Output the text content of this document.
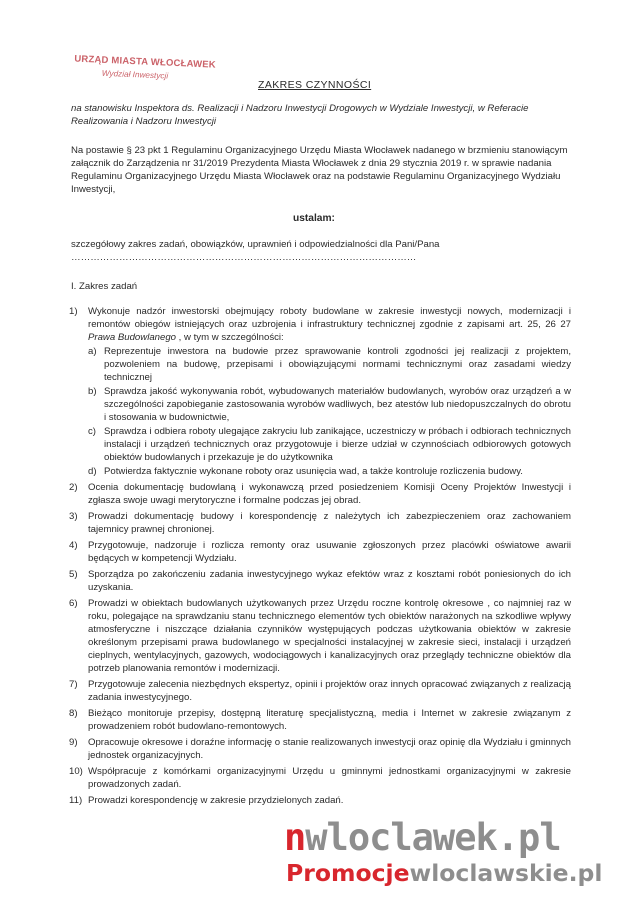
URZĄD MIASTA WŁOCŁAWEK
Wydział Inwestycji
ZAKRES CZYNNOŚCI
na stanowisku Inspektora ds. Realizacji i Nadzoru Inwestycji Drogowych w Wydziale Inwestycji, w Referacie Realizowania i Nadzoru Inwestycji
Na postawie § 23 pkt 1 Regulaminu Organizacyjnego Urzędu Miasta Włocławek nadanego w brzmieniu stanowiącym załącznik do Zarządzenia nr 31/2019 Prezydenta Miasta Włocławek z dnia 29 stycznia 2019 r. w sprawie nadania Regulaminu Organizacyjnego Urzędu Miasta Włocławek oraz na podstawie Regulaminu Organizacyjnego Wydziału Inwestycji,
ustalam:
szczegółowy zakres zadań, obowiązków, uprawnień i odpowiedzialności dla Pani/Pana ………………………………………………………………………………………………
I. Zakres zadań
1)	Wykonuje nadzór inwestorski obejmujący roboty budowlane w zakresie inwestycji nowych, modernizacji i remontów obiegów istniejących oraz uzbrojenia i infrastruktury technicznej zgodnie z zapisami art. 25, 26 27 Prawa Budowlanego , w tym w szczególności:
a) Reprezentuje inwestora na budowie przez sprawowanie kontroli zgodności jej realizacji z projektem, pozwoleniem na budowę, przepisami i obowiązującymi normami technicznymi oraz zasadami wiedzy technicznej
b) Sprawdza jakość wykonywania robót, wybudowanych materiałów budowlanych, wyrobów oraz urządzeń a w szczególności zapobieganie zastosowania wyrobów wadliwych, bez atestów lub niedopuszczalnych do obrotu i stosowania w budownictwie,
c) Sprawdza i odbiera roboty ulegające zakryciu lub zanikające, uczestniczy w próbach i odbiorach technicznych instalacji i urządzeń technicznych oraz przygotowuje i bierze udział w czynnościach odbiorowych gotowych obiektów budowlanych i przekazuje je do użytkownika
d) Potwierdza faktycznie wykonane roboty oraz usunięcia wad, a także kontroluje rozliczenia budowy.
2)	Ocenia dokumentację budowlaną i wykonawczą przed posiedzeniem Komisji Oceny Projektów Inwestycji i zgłasza swoje uwagi merytoryczne i formalne podczas jej obrad.
3)	Prowadzi dokumentację budowy i korespondencję z należytych ich zabezpieczeniem oraz zachowaniem tajemnicy prawnej chronionej.
4)	Przygotowuje, nadzoruje i rozlicza remonty oraz usuwanie zgłoszonych przez placówki oświatowe awarii będących w kompetencji Wydziału.
5)	Sporządza po zakończeniu zadania inwestycyjnego wykaz efektów wraz z kosztami robót poniesionych do ich uzyskania.
6)	Prowadzi w obiektach budowlanych użytkowanych przez Urzędu roczne kontrolę okresowe , co najmniej raz w roku, polegające na sprawdzaniu stanu technicznego elementów tych obiektów narażonych na szkodliwe wpływy atmosferyczne i niszczące działania czynników występujących podczas użytkowania obiektów w zakresie określonym przepisami prawa budowlanego w specjalności instalacyjnej w zakresie sieci, instalacji i urządzeń cieplnych, wentylacyjnych, gazowych, wodociągowych i kanalizacyjnych oraz przeglądy techniczne obiektów dla potrzeb planowania remontów i modernizacji.
7)	Przygotowuje zalecenia niezbędnych ekspertyz, opinii i projektów oraz innych opracować związanych z realizacją zadania inwestycyjnego.
8)	Bieżąco monitoruje przepisy, dostępną literaturę specjalistyczną, media i Internet w zakresie związanym z prowadzeniem robót budowlano-remontowych.
9)	Opracowuje okresowe i doraźne informację o stanie realizowanych inwestycji oraz opinię dla Wydziału i gminnych jednostek organizacyjnych.
10) Współpracuje z komórkami organizacyjnymi Urzędu u gminnymi jednostkami organizacyjnymi w zakresie prowadzonych zadań.
11) Prowadzi korespondencję w zakresie przydzielonych zadań.
nwloclawek.pl
Promocjewloclawskie.pl
